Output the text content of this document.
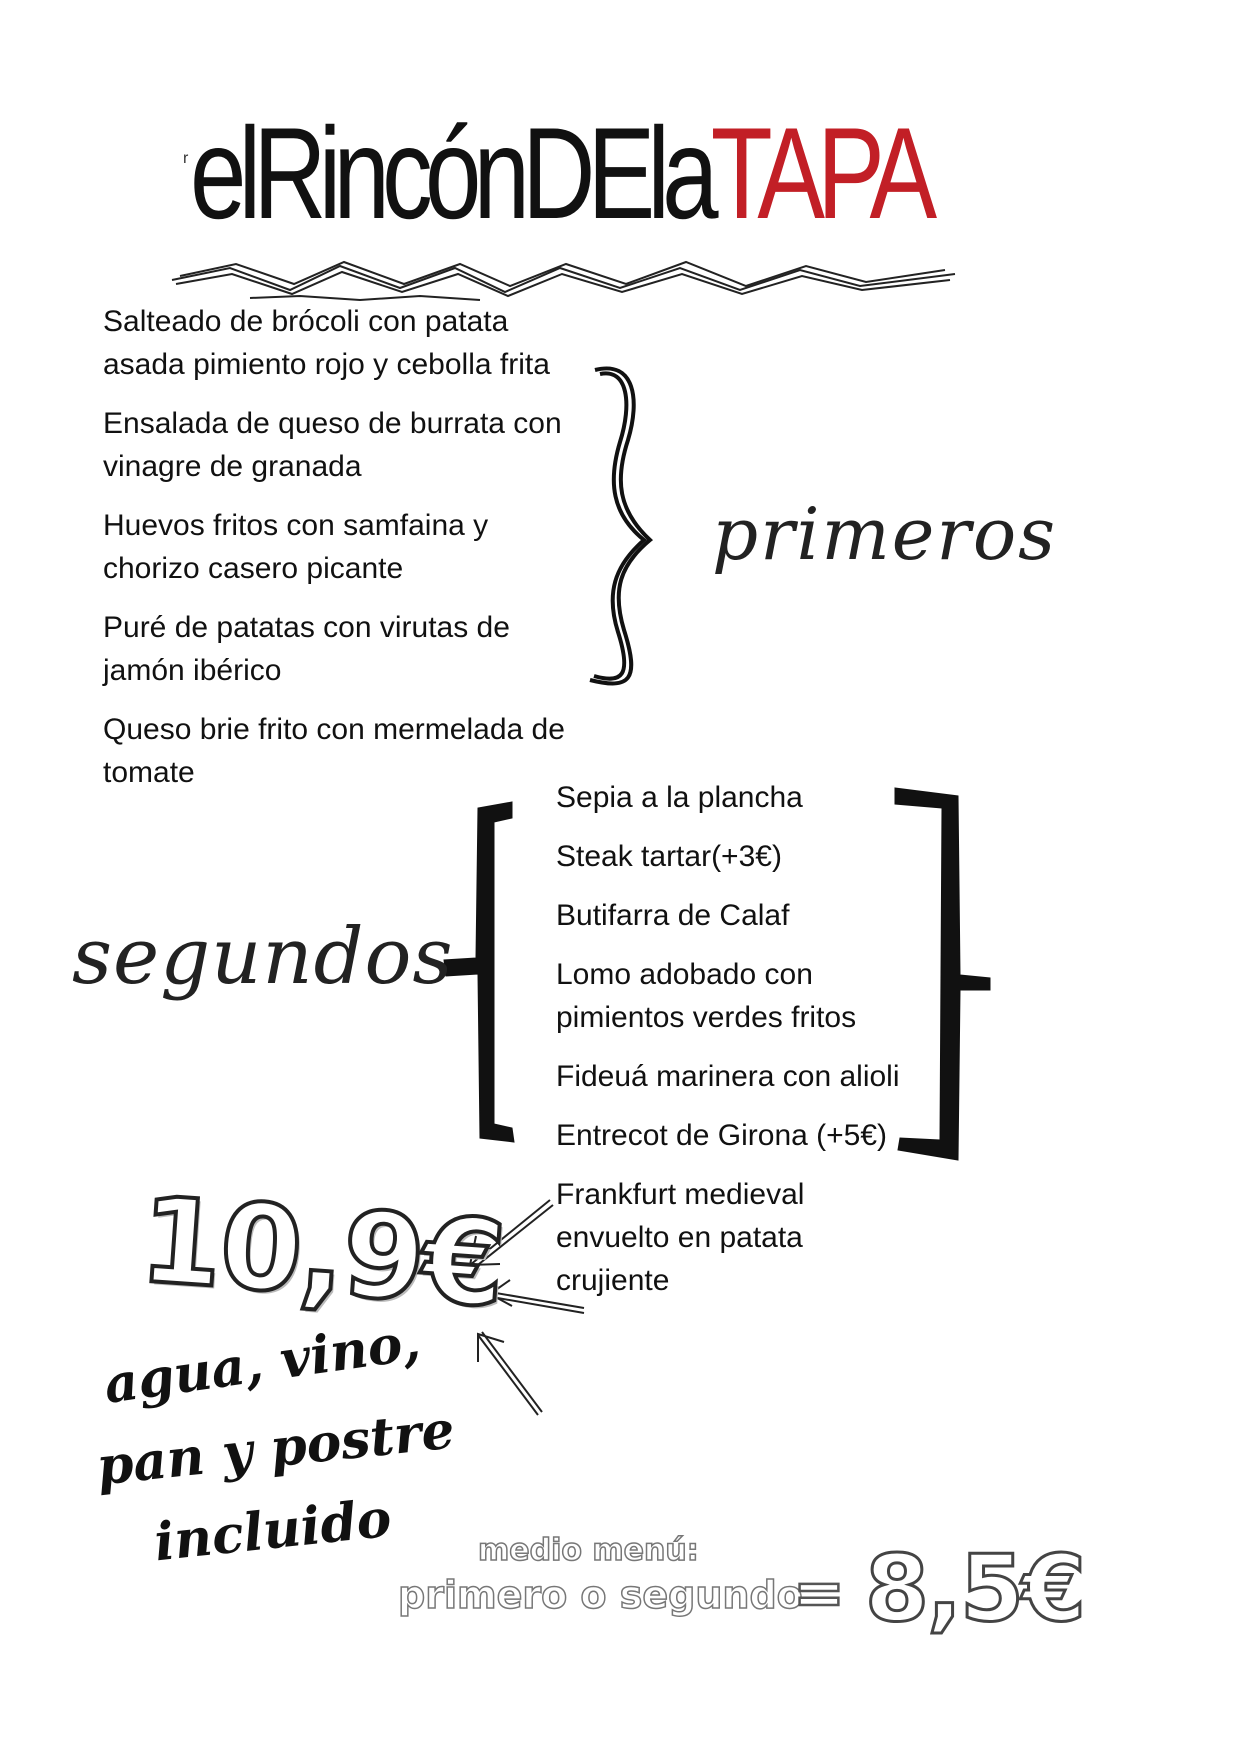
r elRincónDElaTAPA
Salteado de brócoli con patata
asada pimiento rojo y cebolla frita
Ensalada de queso de burrata con
vinagre de granada
Huevos fritos con samfaina y
chorizo casero picante
Puré de patatas con virutas de
jamón ibérico
Queso brie frito con mermelada de
tomate
primeros
Sepia a la plancha
Steak tartar(+3€)
Butifarra de Calaf
Lomo adobado con
pimientos verdes fritos
Fideuá marinera con alioli
Entrecot de Girona (+5€)
Frankfurt medieval
envuelto en patata
crujiente
segundos
10,9€
agua, vino,
pan y postre
incluido	medio menú:
primero o segundo
= 8,5€
